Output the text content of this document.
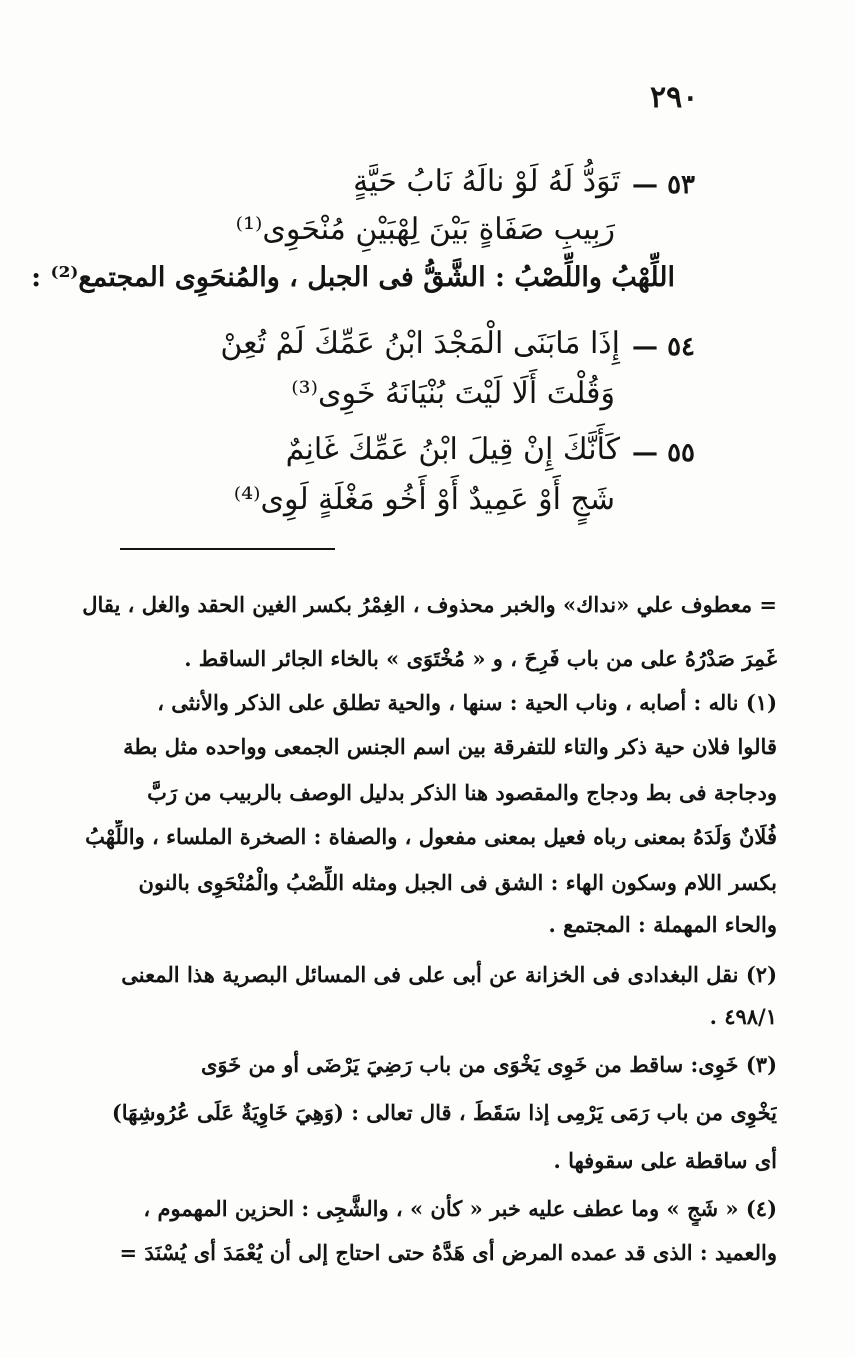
٢٩٠
٥٣ —
تَوَدُّ لَهُ لَوْ نالَهُ نَابُ حَيَّةٍ
رَبِيبِ صَفَاةٍ بَيْنَ لِهْبَيْنِ مُنْحَوِى⁽¹⁾
اللِّهْبُ واللِّصْبُ : الشَّقُّ فى الجبل ، والمُنحَوِى المجتمع⁽²⁾ :
٥٤ —
إِذَا مَابَنَى الْمَجْدَ ابْنُ عَمِّكَ لَمْ تُعِنْ
وَقُلْتَ أَلَا لَيْتَ بُنْيَانَهُ خَوِى⁽³⁾
٥٥ —
كَأَنَّكَ إِنْ قِيلَ ابْنُ عَمِّكَ غَانِمٌ
شَجٍ أَوْ عَمِيدٌ أَوْ أَخُو مَغْلَةٍ لَوِى⁽⁴⁾
= معطوف علي «نداك» والخبر محذوف ، الغِمْرُ بكسر الغين الحقد والغل ، يقال
غَمِرَ صَدْرُهُ على من باب فَرِحَ ، و « مُخْتَوَى » بالخاء الجائر الساقط .
(١) ناله : أصابه ، وناب الحية : سنها ، والحية تطلق على الذكر والأنثى ،
قالوا فلان حية ذكر والتاء للتفرقة بين اسم الجنس الجمعى وواحده مثل بطة
ودجاجة فى بط ودجاج والمقصود هنا الذكر بدليل الوصف بالربيب من رَبَّ
فُلَانٌ وَلَدَهُ بمعنى رباه فعيل بمعنى مفعول ، والصفاة : الصخرة الملساء ، واللِّهْبُ
بكسر اللام وسكون الهاء : الشق فى الجبل ومثله اللِّصْبُ والْمُنْحَوِى بالنون
والحاء المهملة : المجتمع .
(٢) نقل البغدادى فى الخزانة عن أبى على فى المسائل البصرية هذا المعنى
٤٩٨/١ .
(٣) خَوِى: ساقط من خَوِى يَخْوَى من باب رَضِيَ يَرْضَى أو من خَوَى
يَخْوِى من باب رَمَى يَرْمِى إذا سَقَطَ ، قال تعالى : (وَهِيَ خَاوِيَةٌ عَلَى عُرُوشِهَا)
أى ساقطة على سقوفها .
(٤) « شَجٍ » وما عطف عليه خبر « كأن » ، والشَّجِى : الحزين المهموم ،
والعميد : الذى قد عمده المرض أى هَدَّهُ حتى احتاج إلى أن يُعْمَدَ أى يُسْنَدَ =
